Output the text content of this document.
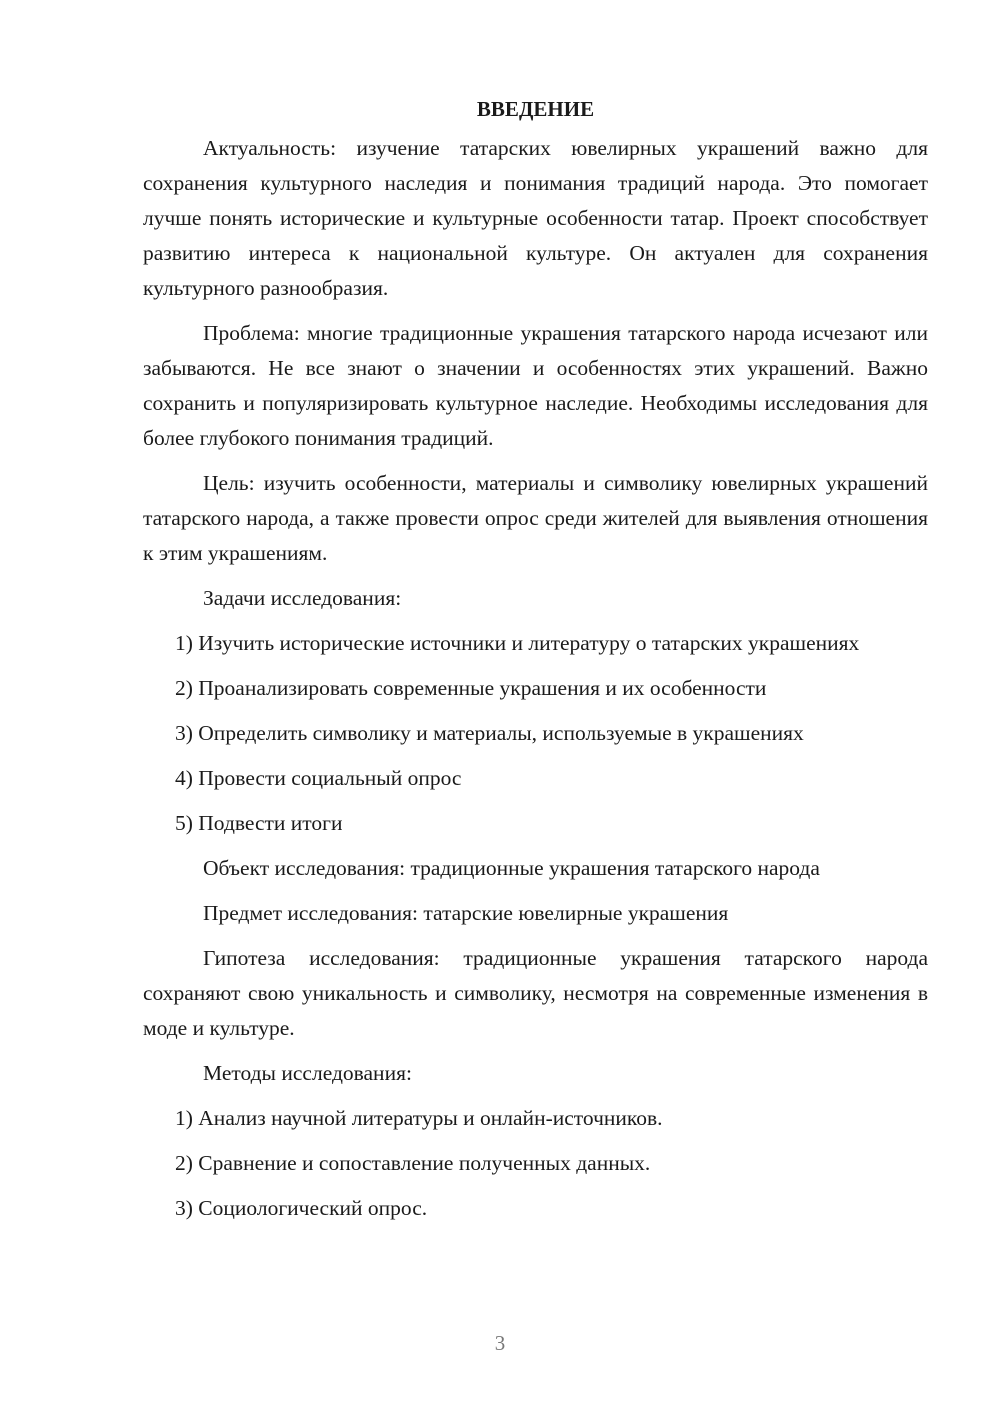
ВВЕДЕНИЕ

Актуальность: изучение татарских ювелирных украшений важно для сохранения культурного наследия и понимания традиций народа. Это помогает лучше понять исторические и культурные особенности татар. Проект способствует развитию интереса к национальной культуре. Он актуален для сохранения культурного разнообразия.

Проблема: многие традиционные украшения татарского народа исчезают или забываются. Не все знают о значении и особенностях этих украшений. Важно сохранить и популяризировать культурное наследие. Необходимы исследования для более глубокого понимания традиций.

Цель: изучить особенности, материалы и символику ювелирных украшений татарского народа, а также провести опрос среди жителей для выявления отношения к этим украшениям.

Задачи исследования:

1) Изучить исторические источники и литературу о татарских украшениях

2) Проанализировать современные украшения и их особенности

3) Определить символику и материалы, используемые в украшениях

4) Провести социальный опрос

5) Подвести итоги

Объект исследования: традиционные украшения татарского народа

Предмет исследования: татарские ювелирные украшения

Гипотеза исследования: традиционные украшения татарского народа сохраняют свою уникальность и символику, несмотря на современные изменения в моде и культуре.

Методы исследования:

1) Анализ научной литературы и онлайн-источников.

2) Сравнение и сопоставление полученных данных.

3) Социологический опрос.

3
